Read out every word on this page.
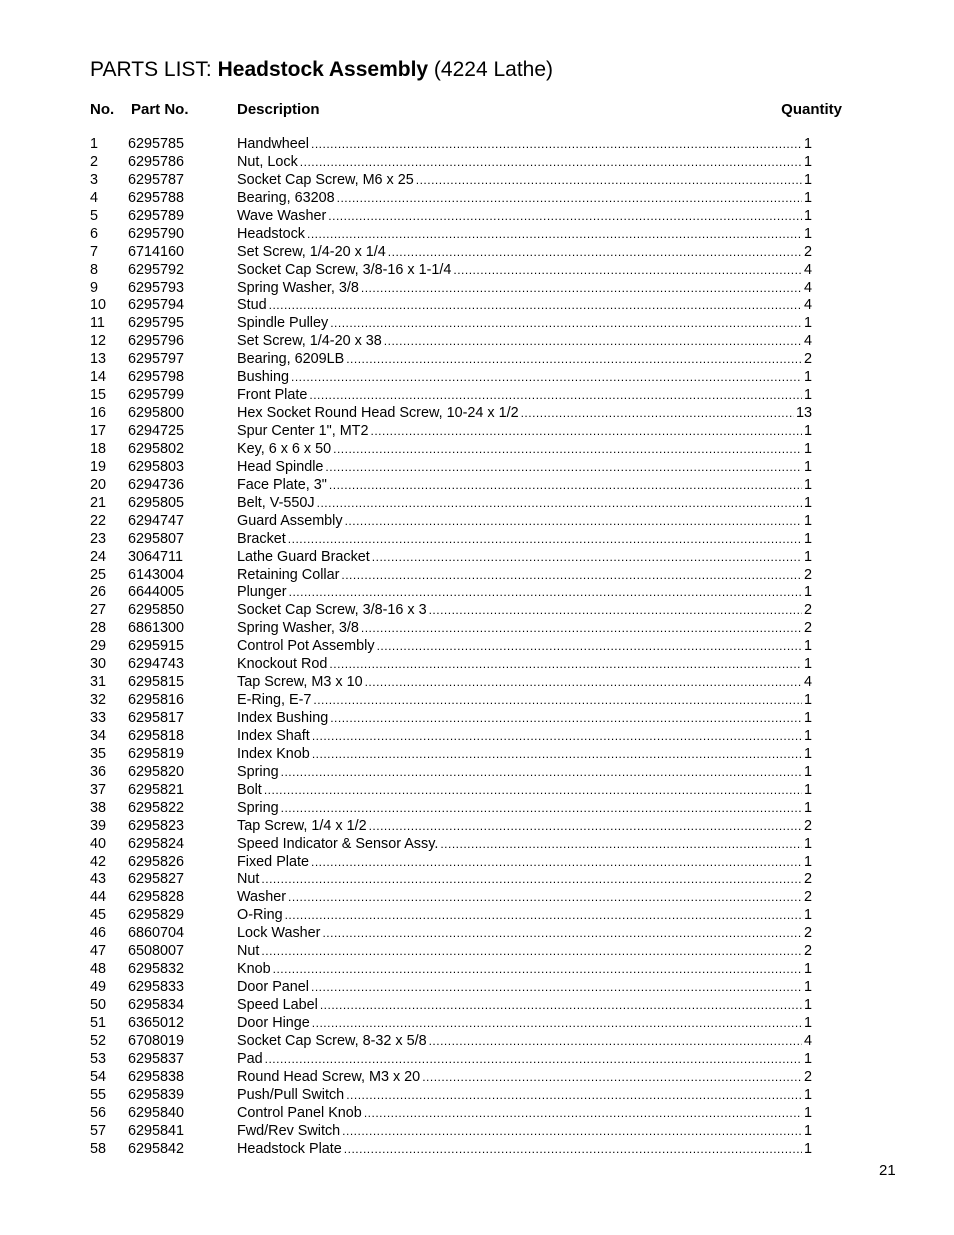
PARTS LIST: Headstock Assembly (4224 Lathe)
No. Part No.	Description	Quantity
1 6295785	Handwheel .....	1
2 6295786	Nut, Lock .....	1
3 6295787	Socket Cap Screw, M6 x 25 .....	1
4 6295788	Bearing, 63208 .....	1
5 6295789	Wave Washer .....	1
6 6295790	Headstock .....	1
7 6714160	Set Screw, 1/4-20 x 1/4 .....	2
8 6295792	Socket Cap Screw, 3/8-16 x 1-1/4 .....	4
9 6295793	Spring Washer, 3/8 .....	4
10 6295794	Stud .....	4
11 6295795	Spindle Pulley .....	1
12 6295796	Set Screw, 1/4-20 x 38 .....	4
13 6295797	Bearing, 6209LB .....	2
14 6295798	Bushing .....	1
15 6295799	Front Plate .....	1
16 6295800	Hex Socket Round Head Screw, 10-24 x 1/2 .....	13
17 6294725	Spur Center 1", MT2 .....	1
18 6295802	Key, 6 x 6 x 50 .....	1
19 6295803	Head Spindle .....	1
20 6294736	Face Plate, 3" .....	1
21 6295805	Belt, V-550J .....	1
22 6294747	Guard Assembly .....	1
23 6295807	Bracket .....	1
24 3064711	Lathe Guard Bracket .....	1
25 6143004	Retaining Collar .....	2
26 6644005	Plunger .....	1
27 6295850	Socket Cap Screw, 3/8-16 x 3 .....	2
28 6861300	Spring Washer, 3/8 .....	2
29 6295915	Control Pot Assembly .....	1
30 6294743	Knockout Rod .....	1
31 6295815	Tap Screw, M3 x 10 .....	4
32 6295816	E-Ring, E-7 .....	1
33 6295817	Index Bushing .....	1
34 6295818	Index Shaft .....	1
35 6295819	Index Knob .....	1
36 6295820	Spring .....	1
37 6295821	Bolt .....	1
38 6295822	Spring .....	1
39 6295823	Tap Screw, 1/4 x 1/2 .....	2
40 6295824	Speed Indicator & Sensor Assy. .....	1
42 6295826	Fixed Plate .....	1
43 6295827	Nut .....	2
44 6295828	Washer .....	2
45 6295829	O-Ring .....	1
46 6860704	Lock Washer .....	2
47 6508007	Nut .....	2
48 6295832	Knob .....	1
49 6295833	Door Panel .....	1
50 6295834	Speed Label .....	1
51 6365012	Door Hinge .....	1
52 6708019	Socket Cap Screw, 8-32 x 5/8 .....	4
53 6295837	Pad .....	1
54 6295838	Round Head Screw, M3 x 20 .....	2
55 6295839	Push/Pull Switch .....	1
56 6295840	Control Panel Knob .....	1
57 6295841	Fwd/Rev Switch .....	1
58 6295842	Headstock Plate .....	1
21
